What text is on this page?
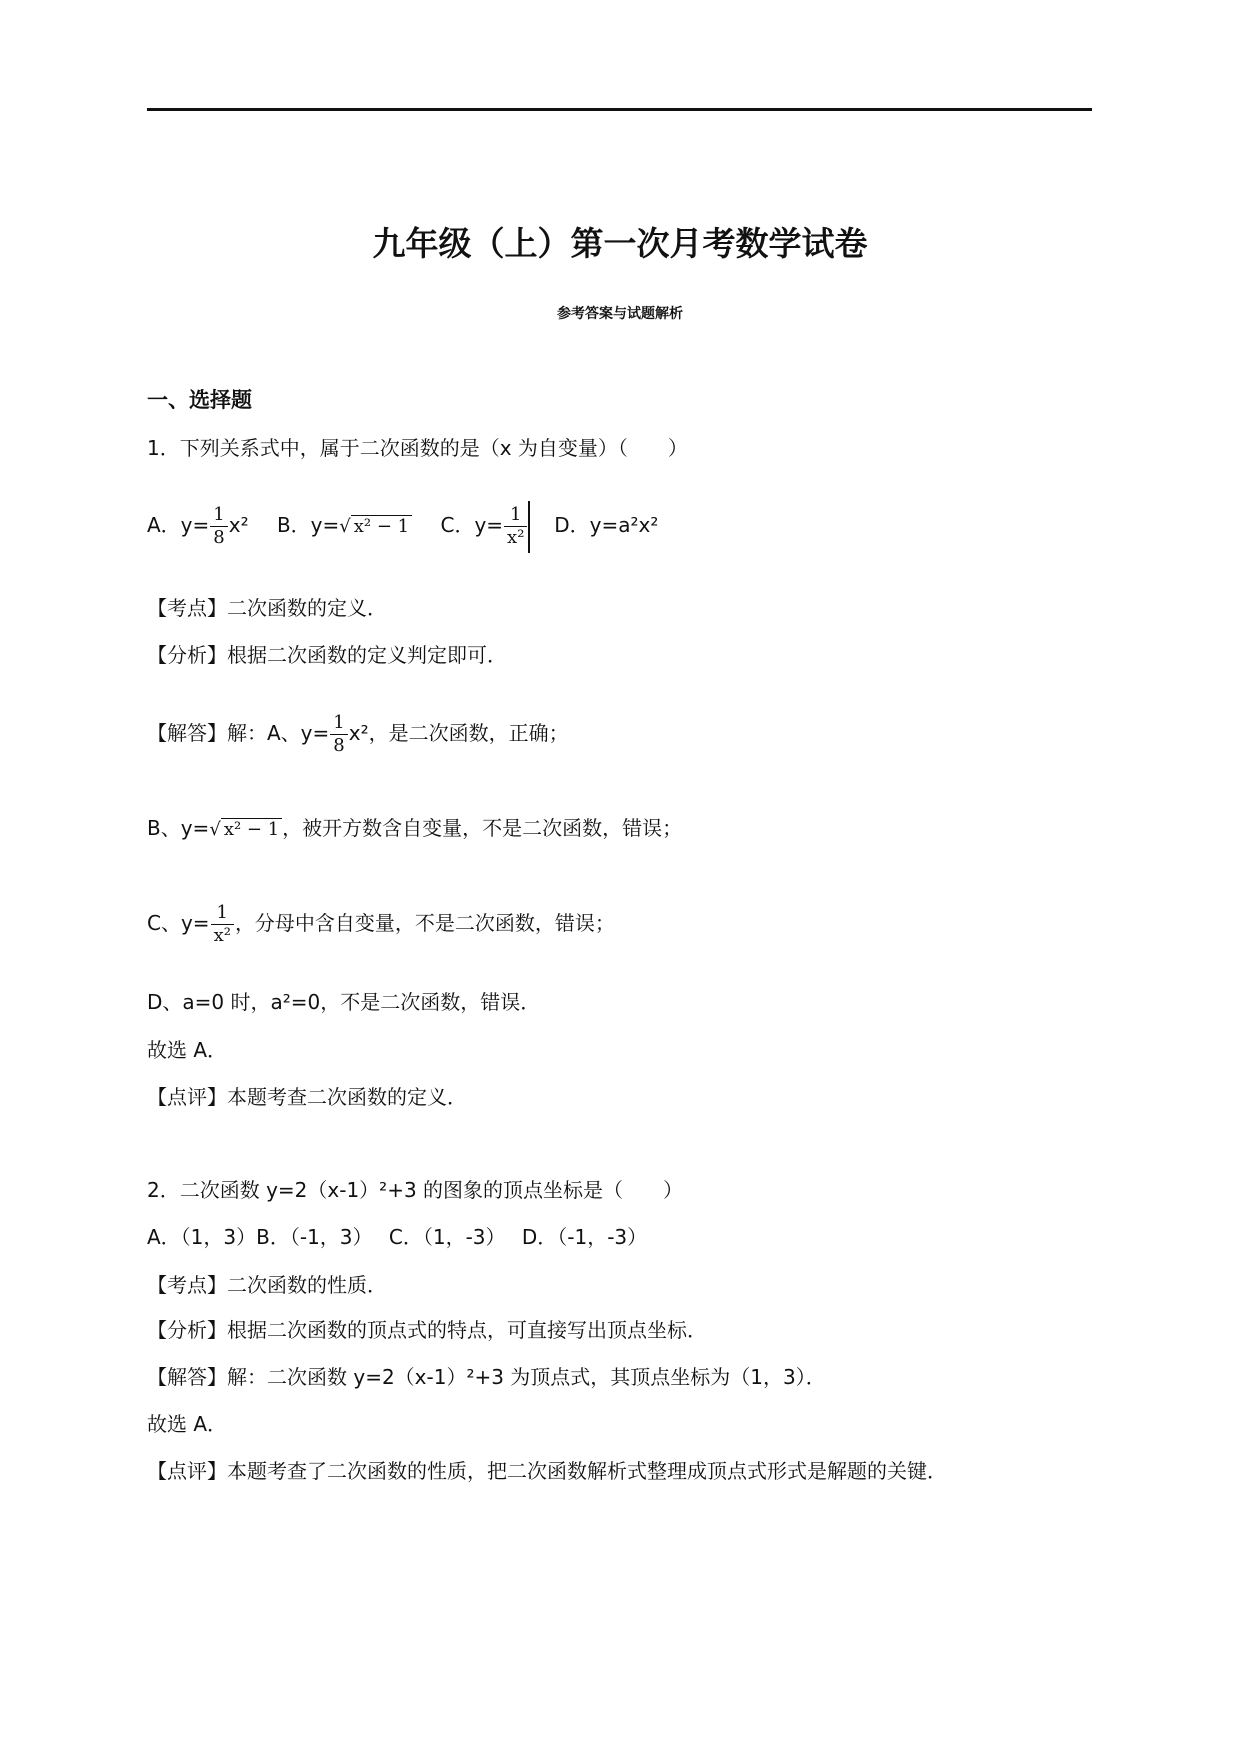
九年级（上）第一次月考数学试卷
参考答案与试题解析
一、选择题
1．下列关系式中，属于二次函数的是（x 为自变量）（　　）
A．$y= \frac{1}{8} x^2$ B．y=√ x² − 1 C．$y= \frac{1}{\text{x²}}$ D．y=a²x²
【考点】二次函数的定义．
【分析】根据二次函数的定义判定即可．
【解答】解：A、$y= \frac{1}{8} x^2$，是二次函数，正确；
B、y=√ x² − 1 ，被开方数含自变量，不是二次函数，错误；
C、$y= \frac{1}{\text{x²}}$ ，分母中含自变量，不是二次函数，错误；
D、a=0 时，a²=0，不是二次函数，错误．
故选 A．
【点评】本题考查二次函数的定义．
2．二次函数 y=2（x-1）²+3 的图象的顶点坐标是（　　）
A．（1，3）B．（-1，3）　 C．（1，-3）　 D．（-1，-3）
【考点】二次函数的性质．
【分析】根据二次函数的顶点式的特点，可直接写出顶点坐标．
【解答】解：二次函数 y=2（x-1）²+3 为顶点式，其顶点坐标为（1，3）．
故选 A．
【点评】本题考查了二次函数的性质，把二次函数解析式整理成顶点式形式是解题的关键．
